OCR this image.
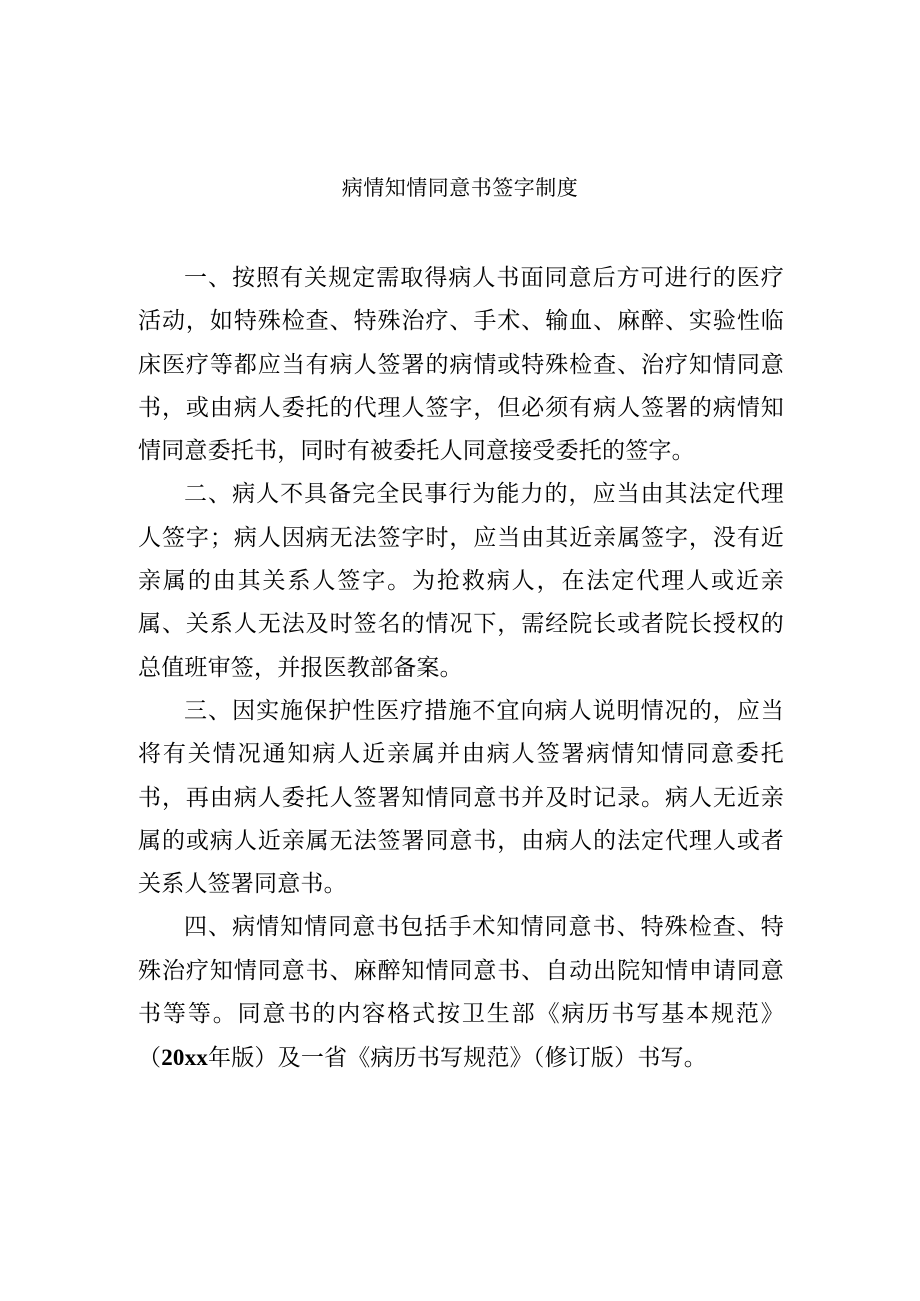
病情知情同意书签字制度

一、按照有关规定需取得病人书面同意后方可进行的医疗活动，如特殊检查、特殊治疗、手术、输血、麻醉、实验性临床医疗等都应当有病人签署的病情或特殊检查、治疗知情同意书，或由病人委托的代理人签字，但必须有病人签署的病情知情同意委托书，同时有被委托人同意接受委托的签字。

二、病人不具备完全民事行为能力的，应当由其法定代理人签字；病人因病无法签字时，应当由其近亲属签字，没有近亲属的由其关系人签字。为抢救病人，在法定代理人或近亲属、关系人无法及时签名的情况下，需经院长或者院长授权的总值班审签，并报医教部备案。

三、因实施保护性医疗措施不宜向病人说明情况的，应当将有关情况通知病人近亲属并由病人签署病情知情同意委托书，再由病人委托人签署知情同意书并及时记录。病人无近亲属的或病人近亲属无法签署同意书，由病人的法定代理人或者关系人签署同意书。

四、病情知情同意书包括手术知情同意书、特殊检查、特殊治疗知情同意书、麻醉知情同意书、自动出院知情申请同意书等等。同意书的内容格式按卫生部《病历书写基本规范》（20xx年版）及一省《病历书写规范》（修订版）书写。
